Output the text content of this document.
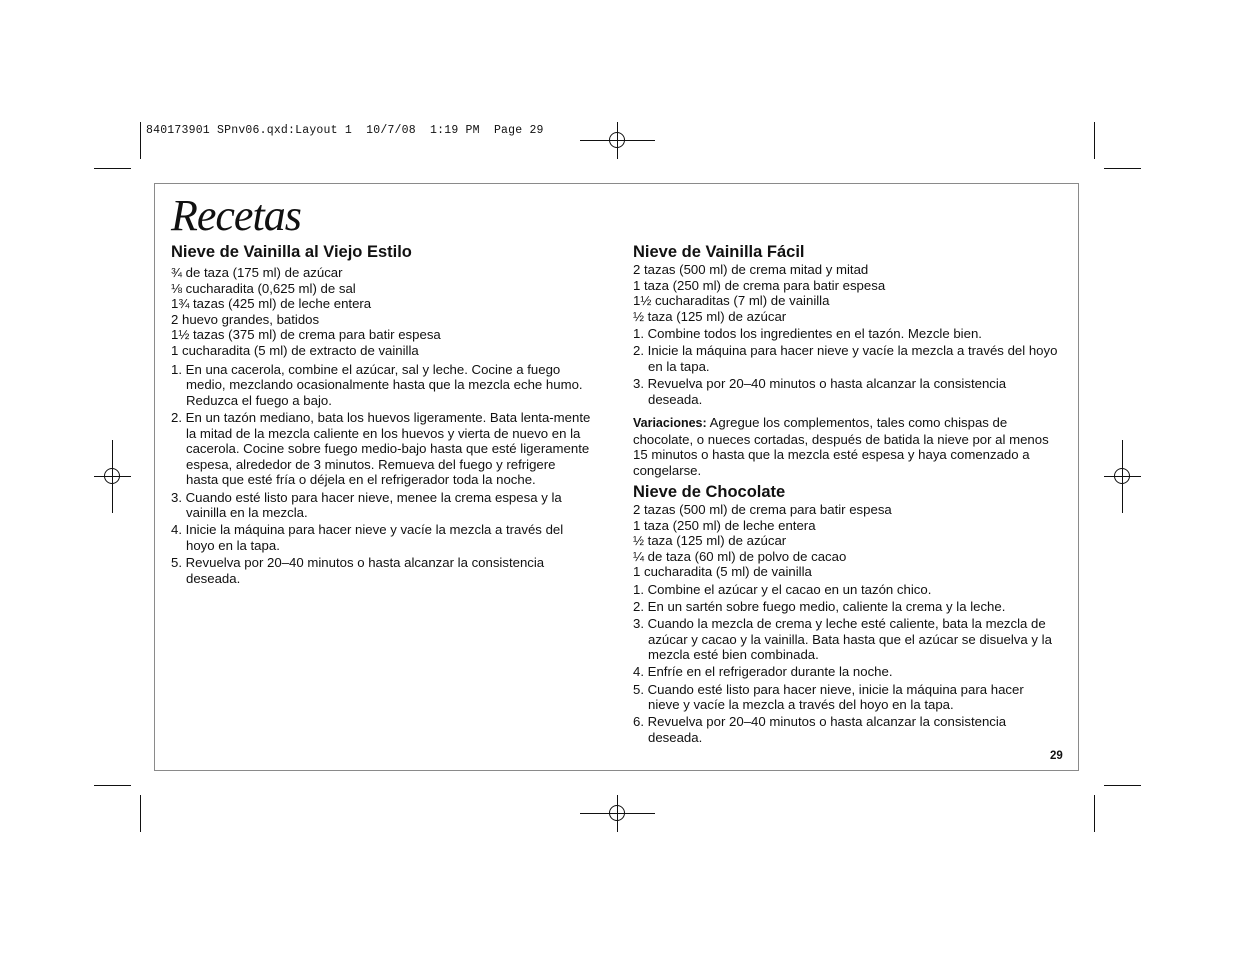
840173901 SPnv06.qxd:Layout 1  10/7/08  1:19 PM  Page 29
Recetas
Nieve de Vainilla al Viejo Estilo
¾ de taza (175 ml) de azúcar
⅛ cucharadita (0,625 ml) de sal
1¾ tazas (425 ml) de leche entera
2 huevo grandes, batidos
1½ tazas (375 ml) de crema para batir espesa
1 cucharadita (5 ml) de extracto de vainilla
1. En una cacerola, combine el azúcar, sal y leche. Cocine a fuego medio, mezclando ocasionalmente hasta que la mezcla eche humo. Reduzca el fuego a bajo.
2. En un tazón mediano, bata los huevos ligeramente. Bata lenta-mente la mitad de la mezcla caliente en los huevos y vierta de nuevo en la cacerola. Cocine sobre fuego medio-bajo hasta que esté ligeramente espesa, alrededor de 3 minutos. Remueva del fuego y refrigere hasta que esté fría o déjela en el refrigerador toda la noche.
3. Cuando esté listo para hacer nieve, menee la crema espesa y la vainilla en la mezcla.
4. Inicie la máquina para hacer nieve y vacíe la mezcla a través del hoyo en la tapa.
5. Revuelva por 20–40 minutos o hasta alcanzar la consistencia deseada.
Nieve de Vainilla Fácil
2 tazas (500 ml) de crema mitad y mitad
1 taza (250 ml) de crema para batir espesa
1½ cucharaditas (7 ml) de vainilla
½ taza (125 ml) de azúcar
1. Combine todos los ingredientes en el tazón. Mezcle bien.
2. Inicie la máquina para hacer nieve y vacíe la mezcla a través del hoyo en la tapa.
3. Revuelva por 20–40 minutos o hasta alcanzar la consistencia deseada.

Variaciones: Agregue los complementos, tales como chispas de chocolate, o nueces cortadas, después de batida la nieve por al menos 15 minutos o hasta que la mezcla esté espesa y haya comenzado a congelarse.

Nieve de Chocolate
2 tazas (500 ml) de crema para batir espesa
1 taza (250 ml) de leche entera
½ taza (125 ml) de azúcar
¼ de taza (60 ml) de polvo de cacao
1 cucharadita (5 ml) de vainilla
1. Combine el azúcar y el cacao en un tazón chico.
2. En un sartén sobre fuego medio, caliente la crema y la leche.
3. Cuando la mezcla de crema y leche esté caliente, bata la mezcla de azúcar y cacao y la vainilla. Bata hasta que el azúcar se disuelva y la mezcla esté bien combinada.
4. Enfríe en el refrigerador durante la noche.
5. Cuando esté listo para hacer nieve, inicie la máquina para hacer nieve y vacíe la mezcla a través del hoyo en la tapa.
6. Revuelva por 20–40 minutos o hasta alcanzar la consistencia deseada.
29
